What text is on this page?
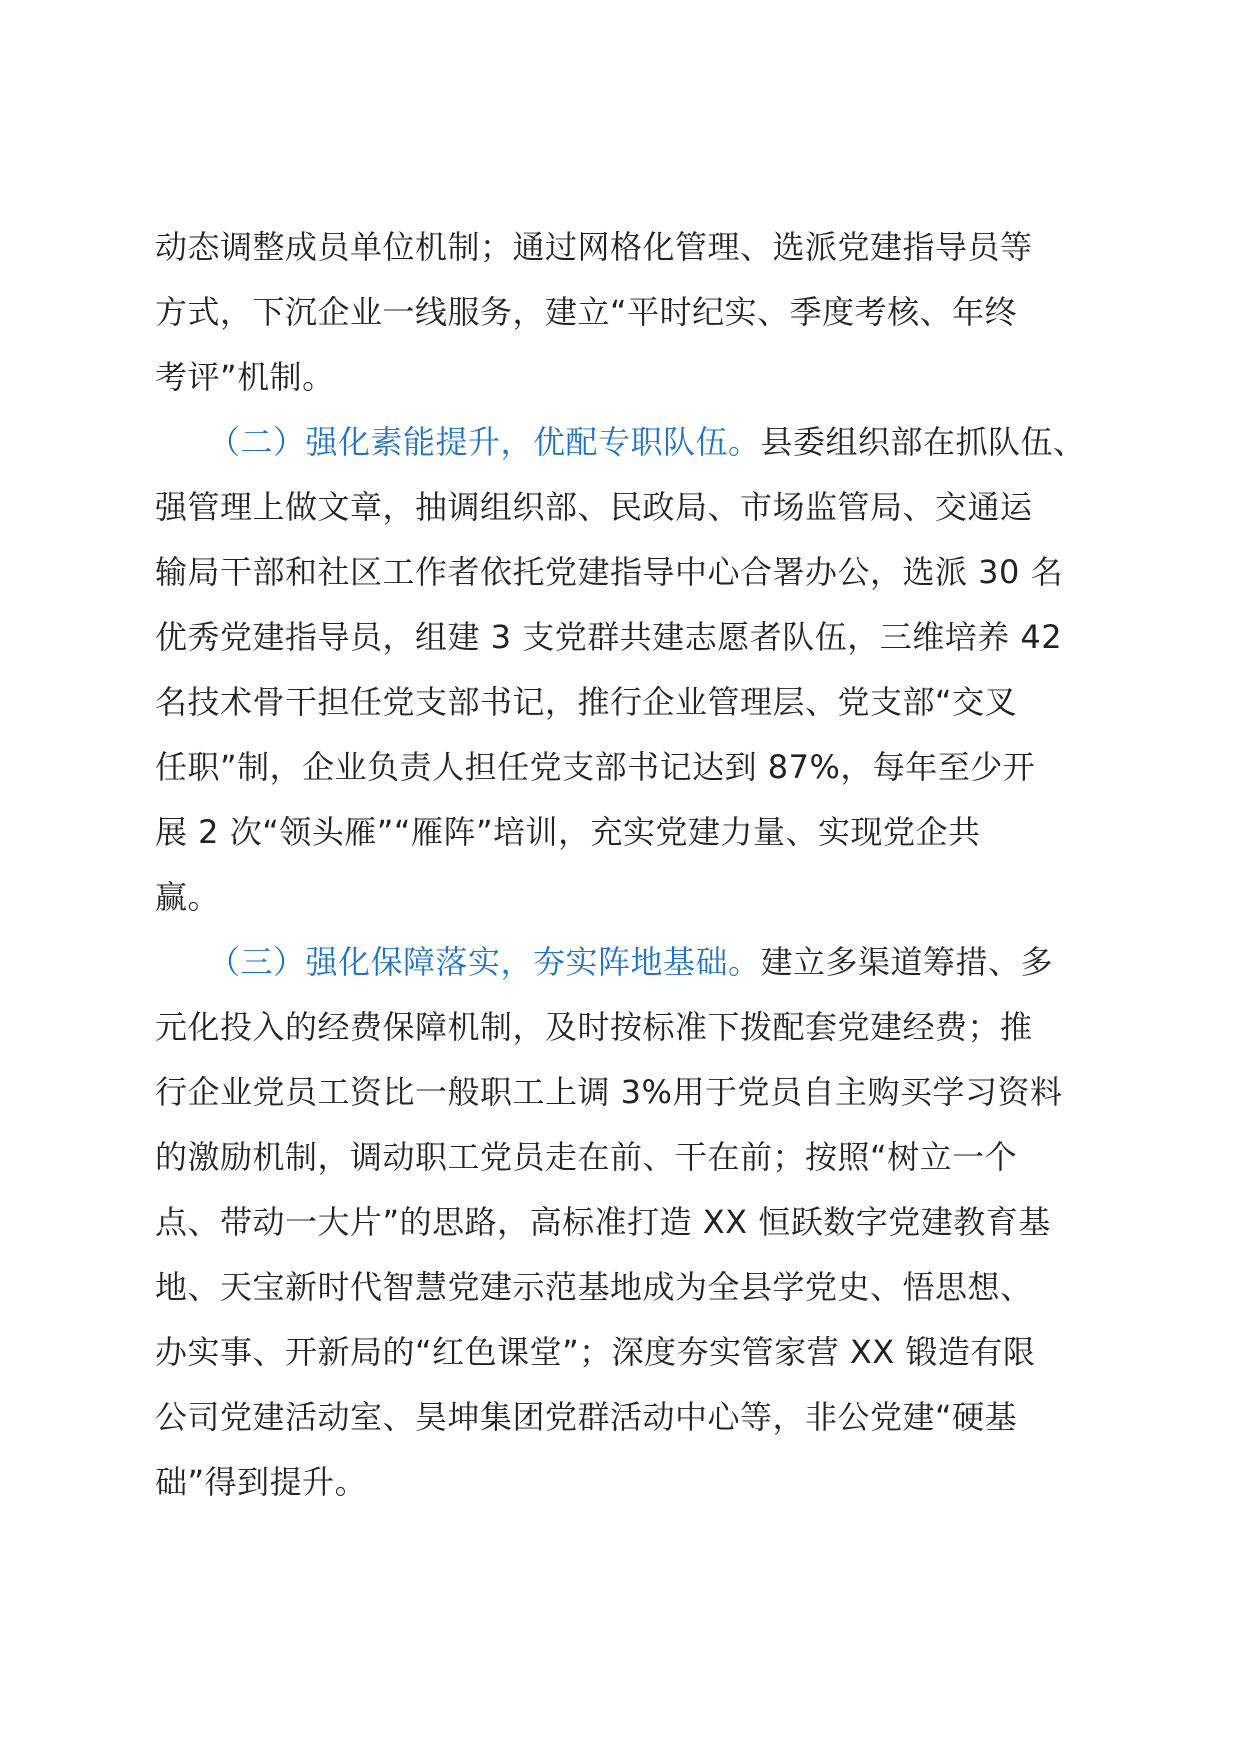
动态调整成员单位机制；通过网格化管理、选派党建指导员等
方式，下沉企业一线服务，建立“平时纪实、季度考核、年终
考评”机制。
（二）强化素能提升，优配专职队伍。县委组织部在抓队伍、
强管理上做文章，抽调组织部、民政局、市场监管局、交通运
输局干部和社区工作者依托党建指导中心合署办公，选派 30 名
优秀党建指导员，组建 3 支党群共建志愿者队伍，三维培养 42
名技术骨干担任党支部书记，推行企业管理层、党支部“交叉
任职”制，企业负责人担任党支部书记达到 87%，每年至少开
展 2 次“领头雁”“雁阵”培训，充实党建力量、实现党企共
赢。
（三）强化保障落实，夯实阵地基础。建立多渠道筹措、多
元化投入的经费保障机制，及时按标准下拨配套党建经费；推
行企业党员工资比一般职工上调 3%用于党员自主购买学习资料
的激励机制，调动职工党员走在前、干在前；按照“树立一个
点、带动一大片”的思路，高标准打造 XX 恒跃数字党建教育基
地、天宝新时代智慧党建示范基地成为全县学党史、悟思想、
办实事、开新局的“红色课堂”；深度夯实管家营 XX 锻造有限
公司党建活动室、昊坤集团党群活动中心等，非公党建“硬基
础”得到提升。
